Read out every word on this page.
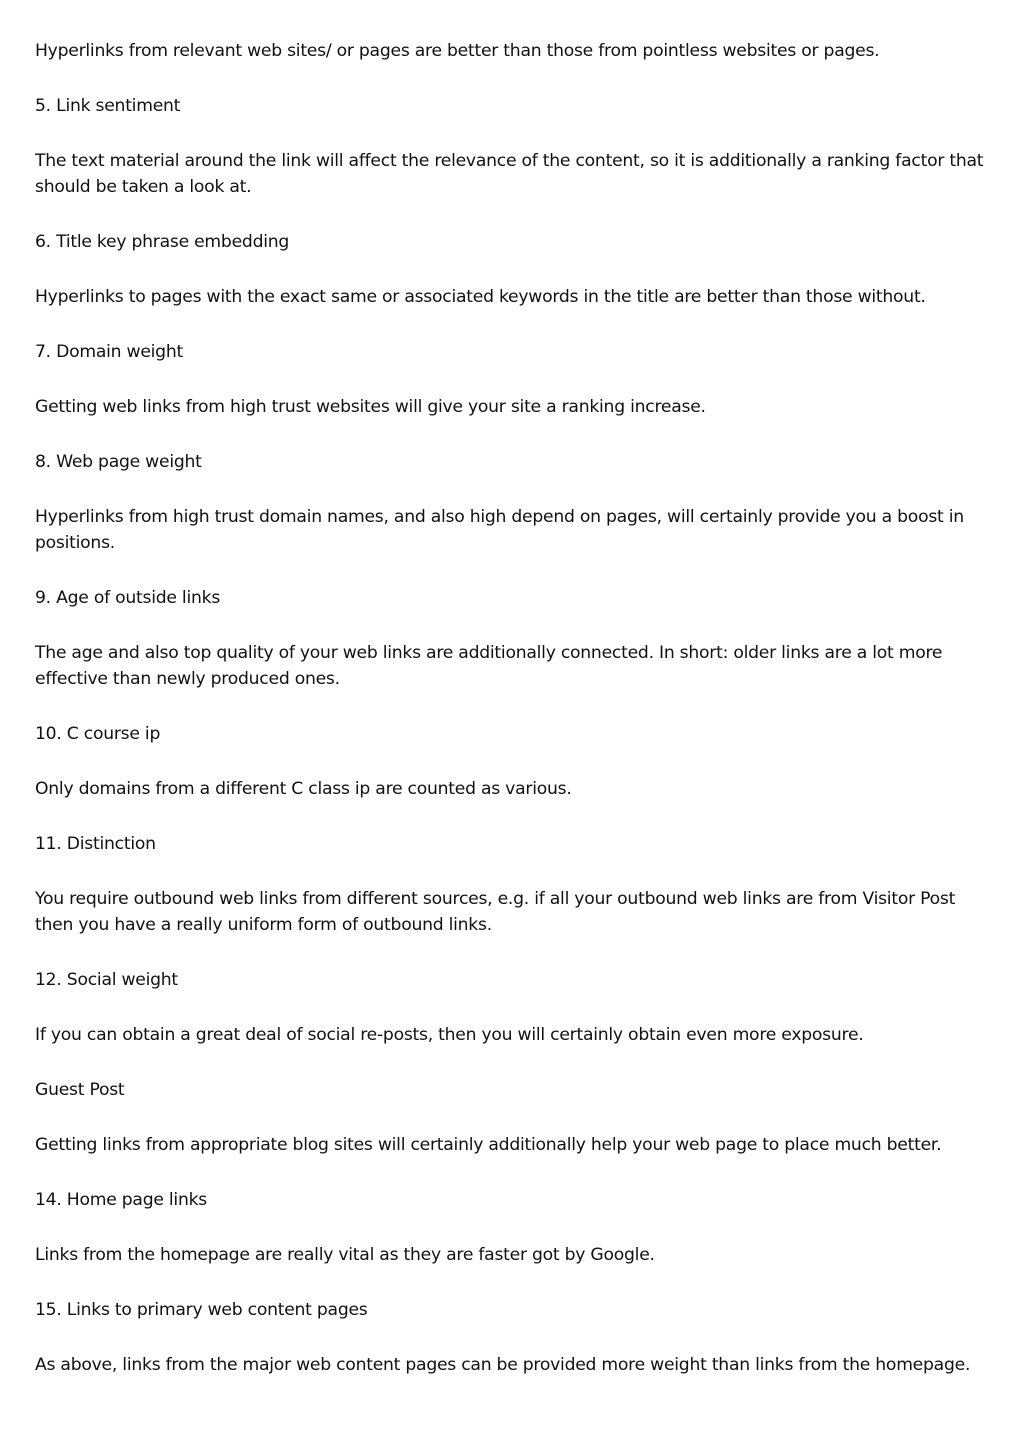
Hyperlinks from relevant web sites/ or pages are better than those from pointless websites or pages.

5. Link sentiment

The text material around the link will affect the relevance of the content, so it is additionally a ranking factor that should be taken a look at.

6. Title key phrase embedding

Hyperlinks to pages with the exact same or associated keywords in the title are better than those without.

7. Domain weight

Getting web links from high trust websites will give your site a ranking increase.

8. Web page weight

Hyperlinks from high trust domain names, and also high depend on pages, will certainly provide you a boost in positions.

9. Age of outside links

The age and also top quality of your web links are additionally connected. In short: older links are a lot more effective than newly produced ones.

10. C course ip

Only domains from a different C class ip are counted as various.

11. Distinction

You require outbound web links from different sources, e.g. if all your outbound web links are from Visitor Post then you have a really uniform form of outbound links.

12. Social weight

If you can obtain a great deal of social re-posts, then you will certainly obtain even more exposure.

Guest Post

Getting links from appropriate blog sites will certainly additionally help your web page to place much better.

14. Home page links

Links from the homepage are really vital as they are faster got by Google.

15. Links to primary web content pages

As above, links from the major web content pages can be provided more weight than links from the homepage.
